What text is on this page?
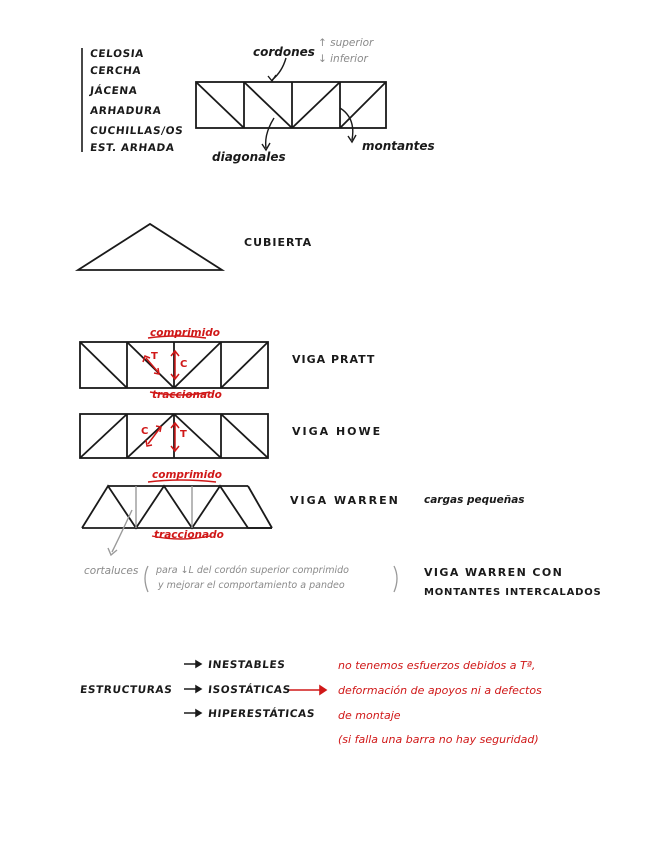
CELOSIA
CERCHA
JÁCENA
ARHADURA
CUCHILLAS/OS
EST. ARHADA
cordones
↑ superior
↓ inferior
diagonales
montantes
CUBIERTA
comprimido
traccionado
T
C	VIGA PRATT
C	T	VIGA HOWE
comprimido
traccionado
VIGA WARREN cargas pequeñas
cortaluces para ↓L del cordón superior comprimido
y mejorar el comportamiento a pandeo
VIGA WARREN CON
MONTANTES INTERCALADOS
ESTRUCTURAS
INESTABLES
ISOSTÁTICAS
HIPERESTÁTICAS
no tenemos esfuerzos debidos a Tª,
deformación de apoyos ni a defectos
de montaje
(si falla una barra no hay seguridad)
